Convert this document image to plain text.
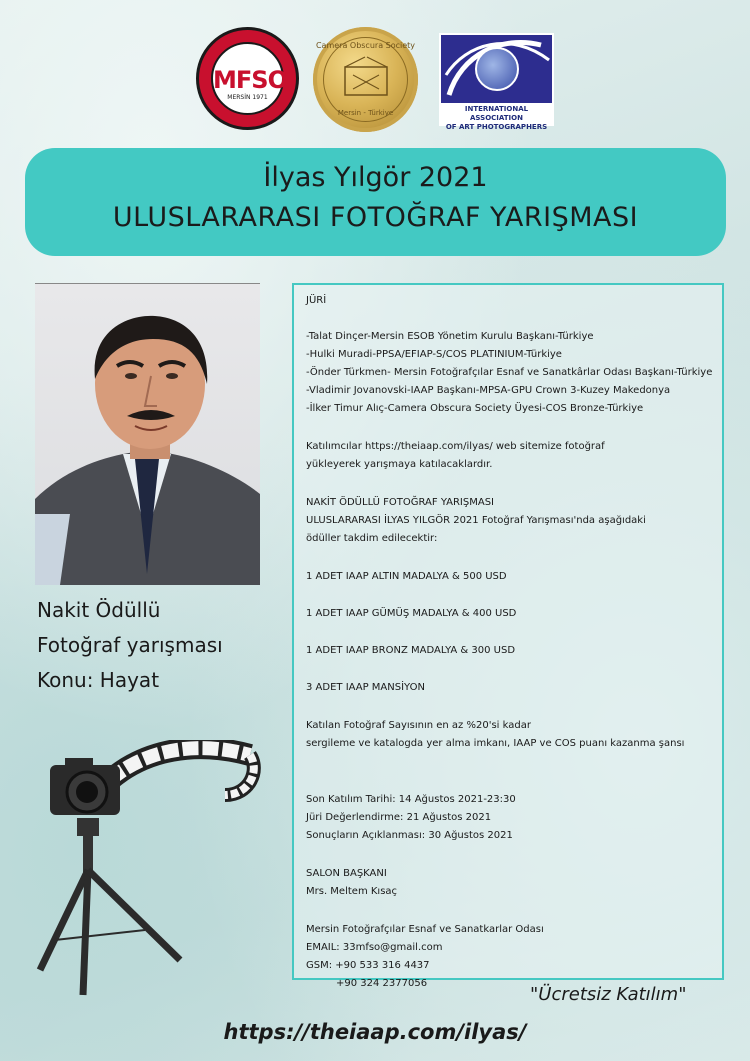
MFSO
MERSİN 1971
Camera Obscura Society
Mersin - Türkiye	INTERNATIONAL ASSOCIATION
OF ART PHOTOGRAPHERS
İlyas Yılgör 2021
ULUSLARARASI FOTOĞRAF YARIŞMASI
Nakit Ödüllü
Fotoğraf yarışması
Konu: Hayat
JÜRİ
-Talat Dinçer-Mersin ESOB Yönetim Kurulu Başkanı-Türkiye
-Hulki Muradi-PPSA/EFIAP-S/COS PLATINIUM-Türkiye
-Önder Türkmen- Mersin Fotoğrafçılar Esnaf ve Sanatkârlar Odası Başkanı-Türkiye
-Vladimir Jovanovski-IAAP Başkanı-MPSA-GPU Crown 3-Kuzey Makedonya
-İlker Timur Alıç-Camera Obscura Society Üyesi-COS Bronze-Türkiye
Katılımcılar https://theiaap.com/ilyas/ web sitemize fotoğraf
yükleyerek yarışmaya katılacaklardır.
NAKİT ÖDÜLLÜ FOTOĞRAF YARIŞMASI
ULUSLARARASI İLYAS YILGÖR 2021 Fotoğraf Yarışması'nda aşağıdaki
ödüller takdim edilecektir:
1 ADET IAAP ALTIN MADALYA & 500 USD
1 ADET IAAP GÜMÜŞ MADALYA & 400 USD
1 ADET IAAP BRONZ MADALYA & 300 USD
3 ADET IAAP MANSİYON
Katılan Fotoğraf Sayısının en az %20'si kadar
sergileme ve katalogda yer alma imkanı, IAAP ve COS puanı kazanma şansı
Son Katılım Tarihi: 14 Ağustos 2021-23:30
Jüri Değerlendirme: 21 Ağustos 2021
Sonuçların Açıklanması: 30 Ağustos 2021
SALON BAŞKANI
Mrs. Meltem Kısaç
Mersin Fotoğrafçılar Esnaf ve Sanatkarlar Odası
EMAIL: 33mfso@gmail.com
GSM: +90 533 316 4437
+90 324 2377056
"Ücretsiz Katılım"
https://theiaap.com/ilyas/
